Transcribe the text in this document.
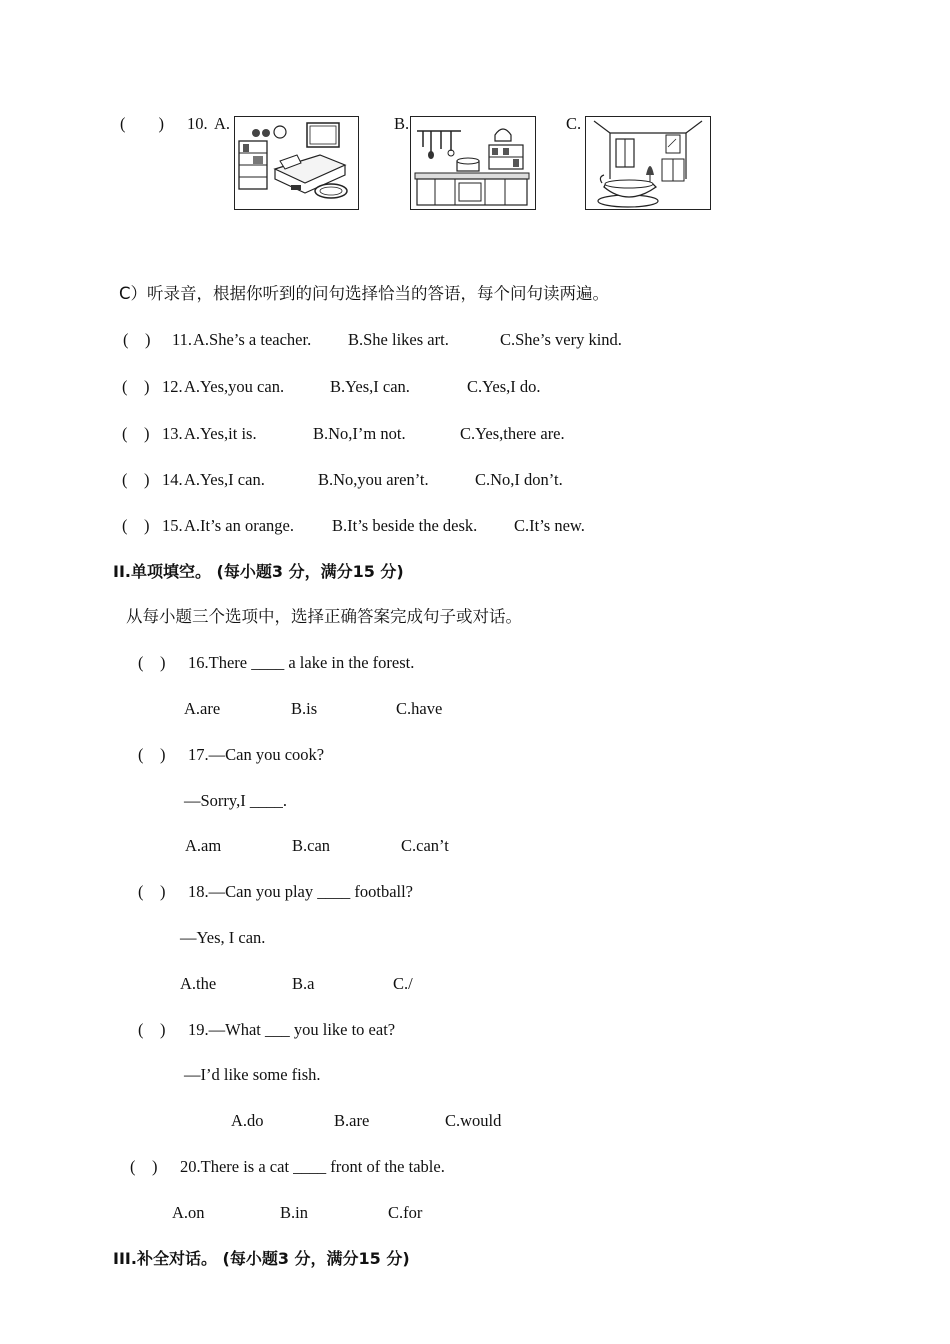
(　　) 10. A.	B.	C.
C）听录音，根据你听到的问句选择恰当的答语，每个问句读两遍。
(　) 11. A.She’s a teacher. B.She likes art.	C.She’s very kind.
(　) 12. A.Yes,you can.	B.Yes,I can.	C.Yes,I do.
(　) 13. A.Yes,it is.	B.No,I’m not.	C.Yes,there are.
(　) 14. A.Yes,I can.	B.No,you aren’t.	C.No,I don’t.
(　) 15. A.It’s an orange. B.It’s beside the desk. C.It’s new.
II.单项填空。 (每小题3 分，满分15 分)
从每小题三个选项中，选择正确答案完成句子或对话。
(　) 16.There ____ a lake in the forest.
A.are	B.is	C.have
(　) 17.—Can you cook?
—Sorry,I ____.
A.am	B.can	C.can’t
(　) 18.—Can you play ____ football?
—Yes, I can.
A.the	B.a	C./
(　) 19.—What ___ you like to eat?
—I’d like some fish.
A.do	B.are	C.would
(　) 20.There is a cat ____ front of the table.
A.on	B.in	C.for
III.补全对话。 (每小题3 分，满分15 分)
